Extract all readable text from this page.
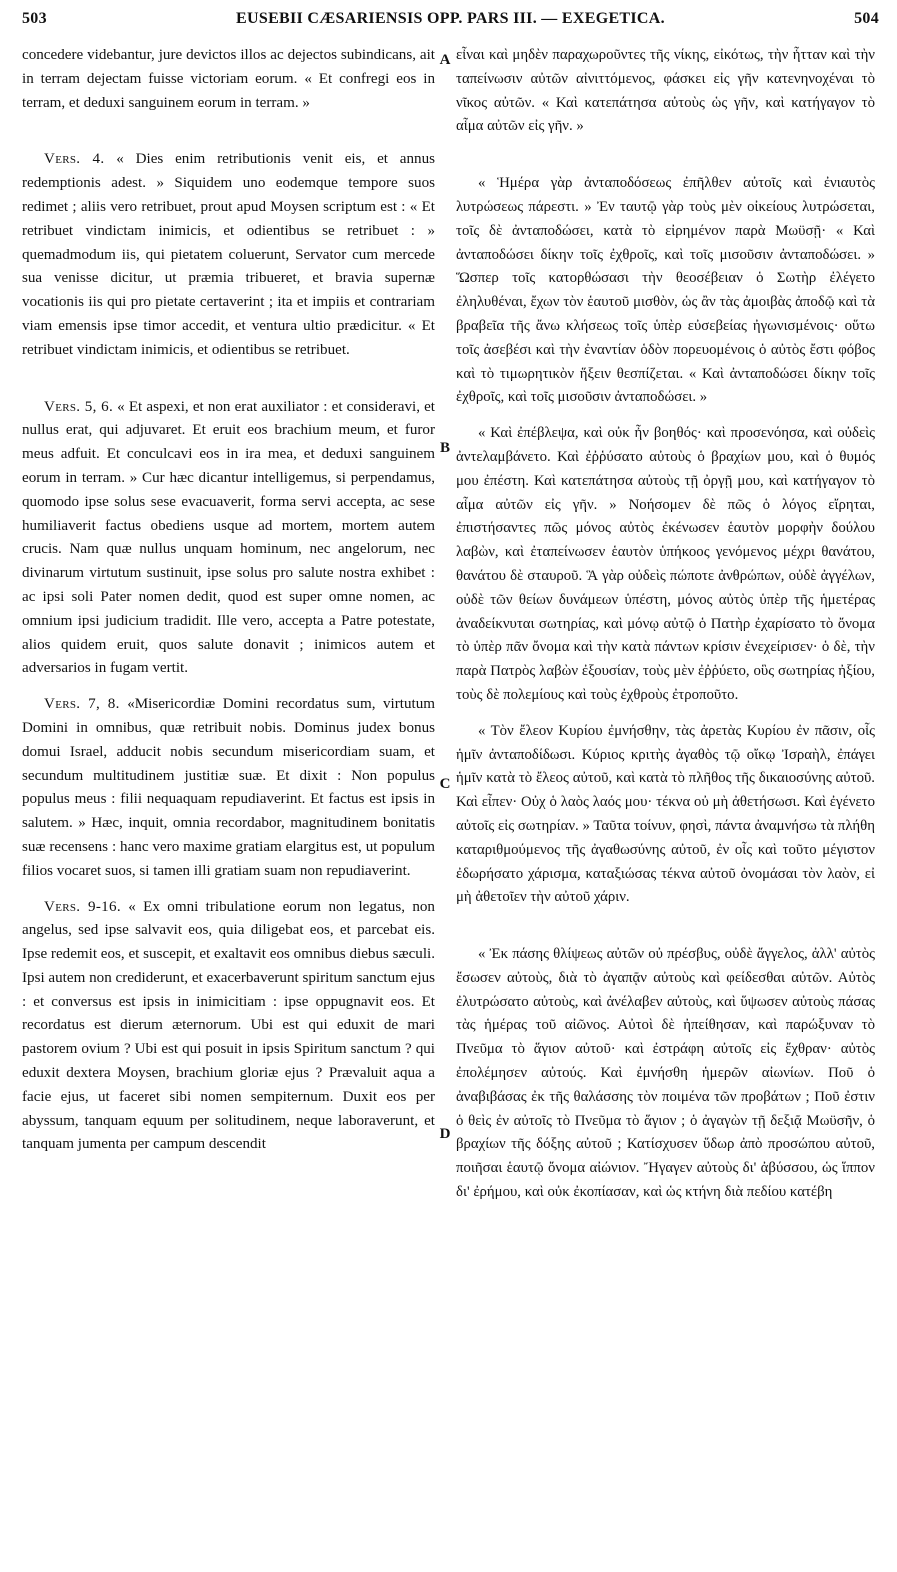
503	EUSEBII CÆSARIENSIS OPP. PARS III. — EXEGETICA.	504

concedere videbantur, jure devictos illos ac dejectos subindicans, ait in terram dejectam fuisse victoriam eorum. « Et confregi eos in terram, et deduxi sanguinem eorum in terram. »

Vers. 4. « Dies enim retributionis venit eis, et annus redemptionis adest. » Siquidem uno eodemque tempore suos redimet ; aliis vero retribuet, prout apud Moysen scriptum est : « Et retribuet vindictam inimicis, et odientibus se retribuet : » quemadmodum iis, qui pietatem coluerunt, Servator cum mercede sua venisse dicitur, ut præmia tribueret, et bravia supernæ vocationis iis qui pro pietate certaverint ; ita et impiis et contrariam viam emensis ipse timor accedit, et ventura ultio prædicitur. « Et retribuet vindictam inimicis, et odientibus se retribuet.

Vers. 5, 6. « Et aspexi, et non erat auxiliator : et consideravi, et nullus erat, qui adjuvaret. Et eruit eos brachium meum, et furor meus adfuit. Et conculcavi eos in ira mea, et deduxi sanguinem eorum in terram. » Cur hæc dicantur intelligemus, si perpendamus, quomodo ipse solus sese evacuaverit, forma servi accepta, ac sese humiliaverit factus obediens usque ad mortem, mortem autem crucis. Nam quæ nullus unquam hominum, nec angelorum, nec divinarum virtutum sustinuit, ipse solus pro salute nostra exhibet : ac ipsi soli Pater nomen dedit, quod est super omne nomen, ac omnium ipsi judicium tradidit. Ille vero, accepta a Patre potestate, alios quidem eruit, quos salute donavit ; inimicos autem et adversarios in fugam vertit.

Vers. 7, 8. «Misericordiæ Domini recordatus sum, virtutum Domini in omnibus, quæ retribuit nobis. Dominus judex bonus domui Israel, adducit nobis secundum misericordiam suam, et secundum multitudinem justitiæ suæ. Et dixit : Non populus populus meus : filii nequaquam repudiaverint. Et factus est ipsis in salutem. » Hæc, inquit, omnia recordabor, magnitudinem bonitatis suæ recensens : hanc vero maxime gratiam elargitus est, ut populum filios vocaret suos, si tamen illi gratiam suam non repudiaverint.

Vers. 9-16. « Ex omni tribulatione eorum non legatus, non angelus, sed ipse salvavit eos, quia diligebat eos, et parcebat eis. Ipse redemit eos, et suscepit, et exaltavit eos omnibus diebus sæculi. Ipsi autem non crediderunt, et exacerbaverunt spiritum sanctum ejus : et conversus est ipsis in inimicitiam : ipse oppugnavit eos. Et recordatus est dierum æternorum. Ubi est qui eduxit de mari pastorem ovium ? Ubi est qui posuit in ipsis Spiritum sanctum ? qui eduxit dextera Moysen, brachium gloriæ ejus ? Prævaluit aqua a facie ejus, ut faceret sibi nomen sempiternum. Duxit eos per abyssum, tanquam equum per solitudinem, neque laboraverunt, et tanquam jumenta per campum descendit

A
B
C
D

εἶναι καὶ μηδὲν παραχωροῦντες τῆς νίκης, εἰκότως, τὴν ἧτταν καὶ τὴν ταπείνωσιν αὐτῶν αἰνιττόμενος, φάσκει εἰς γῆν κατενηνοχέναι τὸ νῖκος αὐτῶν. « Καὶ κατεπάτησα αὐτοὺς ὡς γῆν, καὶ κατήγαγον τὸ αἷμα αὐτῶν εἰς γῆν. »

« Ἡμέρα γὰρ ἀνταποδόσεως ἐπῆλθεν αὐτοῖς καὶ ἐνιαυτὸς λυτρώσεως πάρεστι. » Ἐν ταυτῷ γὰρ τοὺς μὲν οἰκείους λυτρώσεται, τοῖς δὲ ἀνταποδώσει, κατὰ τὸ εἰρημένον παρὰ Μωϋσῇ· « Καὶ ἀνταποδώσει δίκην τοῖς ἐχθροῖς, καὶ τοῖς μισοῦσιν ἀνταποδώσει. » Ὥσπερ τοῖς κατορθώσασι τὴν θεοσέβειαν ὁ Σωτὴρ ἐλέγετο ἐληλυθέναι, ἔχων τὸν ἑαυτοῦ μισθὸν, ὡς ἂν τὰς ἀμοιβὰς ἀποδῷ καὶ τὰ βραβεῖα τῆς ἄνω κλήσεως τοῖς ὑπὲρ εὐσεβείας ἠγωνισμένοις· οὕτω τοῖς ἀσεβέσι καὶ τὴν ἐναντίαν ὁδὸν πορευομένοις ὁ αὐτὸς ἔστι φόβος καὶ τὸ τιμωρητικὸν ἥξειν θεσπίζεται. « Καὶ ἀνταποδώσει δίκην τοῖς ἐχθροῖς, καὶ τοῖς μισοῦσιν ἀνταποδώσει. »

« Καὶ ἐπέβλεψα, καὶ οὐκ ἦν βοηθός· καὶ προσενόησα, καὶ οὐδεὶς ἀντελαμβάνετο. Καὶ ἐῤῥύσατο αὐτοὺς ὁ βραχίων μου, καὶ ὁ θυμός μου ἐπέστη. Καὶ κατεπάτησα αὐτοὺς τῇ ὀργῇ μου, καὶ κατήγαγον τὸ αἷμα αὐτῶν εἰς γῆν. » Νοήσομεν δὲ πῶς ὁ λόγος εἴρηται, ἐπιστήσαντες πῶς μόνος αὐτὸς ἐκένωσεν ἑαυτὸν μορφὴν δούλου λαβὼν, καὶ ἐταπείνωσεν ἑαυτὸν ὑπήκοος γενόμενος μέχρι θανάτου, θανάτου δὲ σταυροῦ. Ἃ γὰρ οὐδεὶς πώποτε ἀνθρώπων, οὐδὲ ἀγγέλων, οὐδὲ τῶν θείων δυνάμεων ὑπέστη, μόνος αὐτὸς ὑπὲρ τῆς ἡμετέρας ἀναδείκνυται σωτηρίας, καὶ μόνῳ αὐτῷ ὁ Πατὴρ ἐχαρίσατο τὸ ὄνομα τὸ ὑπὲρ πᾶν ὄνομα καὶ τὴν κατὰ πάντων κρίσιν ἐνεχείρισεν· ὁ δὲ, τὴν παρὰ Πατρὸς λαβὼν ἐξουσίαν, τοὺς μὲν ἐῤῥύετο, οὓς σωτηρίας ἠξίου, τοὺς δὲ πολεμίους καὶ τοὺς ἐχθροὺς ἐτροποῦτο.

« Τὸν ἔλεον Κυρίου ἐμνήσθην, τὰς ἀρετὰς Κυρίου ἐν πᾶσιν, οἷς ἡμῖν ἀνταποδίδωσι. Κύριος κριτὴς ἀγαθὸς τῷ οἴκῳ Ἰσραὴλ, ἐπάγει ἡμῖν κατὰ τὸ ἔλεος αὐτοῦ, καὶ κατὰ τὸ πλῆθος τῆς δικαιοσύνης αὐτοῦ. Καὶ εἶπεν· Οὐχ ὁ λαὸς λαός μου· τέκνα οὐ μὴ ἀθετήσωσι. Καὶ ἐγένετο αὐτοῖς εἰς σωτηρίαν. » Ταῦτα τοίνυν, φησὶ, πάντα ἀναμνήσω τὰ πλήθη καταριθμούμενος τῆς ἀγαθωσύνης αὐτοῦ, ἐν οἷς καὶ τοῦτο μέγιστον ἐδωρήσατο χάρισμα, καταξιώσας τέκνα αὐτοῦ ὀνομάσαι τὸν λαὸν, εἰ μὴ ἀθετοῖεν τὴν αὐτοῦ χάριν.

« Ἐκ πάσης θλίψεως αὐτῶν οὐ πρέσβυς, οὐδὲ ἄγγελος, ἀλλ' αὐτὸς ἔσωσεν αὐτοὺς, διὰ τὸ ἀγαπᾷν αὐτοὺς καὶ φείδεσθαι αὐτῶν. Αὐτὸς ἐλυτρώσατο αὐτοὺς, καὶ ἀνέλαβεν αὐτοὺς, καὶ ὕψωσεν αὐτοὺς πάσας τὰς ἡμέρας τοῦ αἰῶνος. Αὐτοὶ δὲ ἠπείθησαν, καὶ παρώξυναν τὸ Πνεῦμα τὸ ἅγιον αὐτοῦ· καὶ ἐστράφη αὐτοῖς εἰς ἔχθραν· αὐτὸς ἐπολέμησεν αὐτούς. Καὶ ἐμνήσθη ἡμερῶν αἰωνίων. Ποῦ ὁ ἀναβιβάσας ἐκ τῆς θαλάσσης τὸν ποιμένα τῶν προβάτων ; Ποῦ ἐστιν ὁ θεὶς ἐν αὐτοῖς τὸ Πνεῦμα τὸ ἅγιον ; ὁ ἀγαγὼν τῇ δεξιᾷ Μωϋσῆν, ὁ βραχίων τῆς δόξης αὐτοῦ ; Κατίσχυσεν ὕδωρ ἀπὸ προσώπου αὐτοῦ, ποιῆσαι ἑαυτῷ ὄνομα αἰώνιον. Ἤγαγεν αὐτοὺς δι' ἀβύσσου, ὡς ἵππον δι' ἐρήμου, καὶ οὐκ ἐκοπίασαν, καὶ ὡς κτήνη διὰ πεδίου κατέβη
